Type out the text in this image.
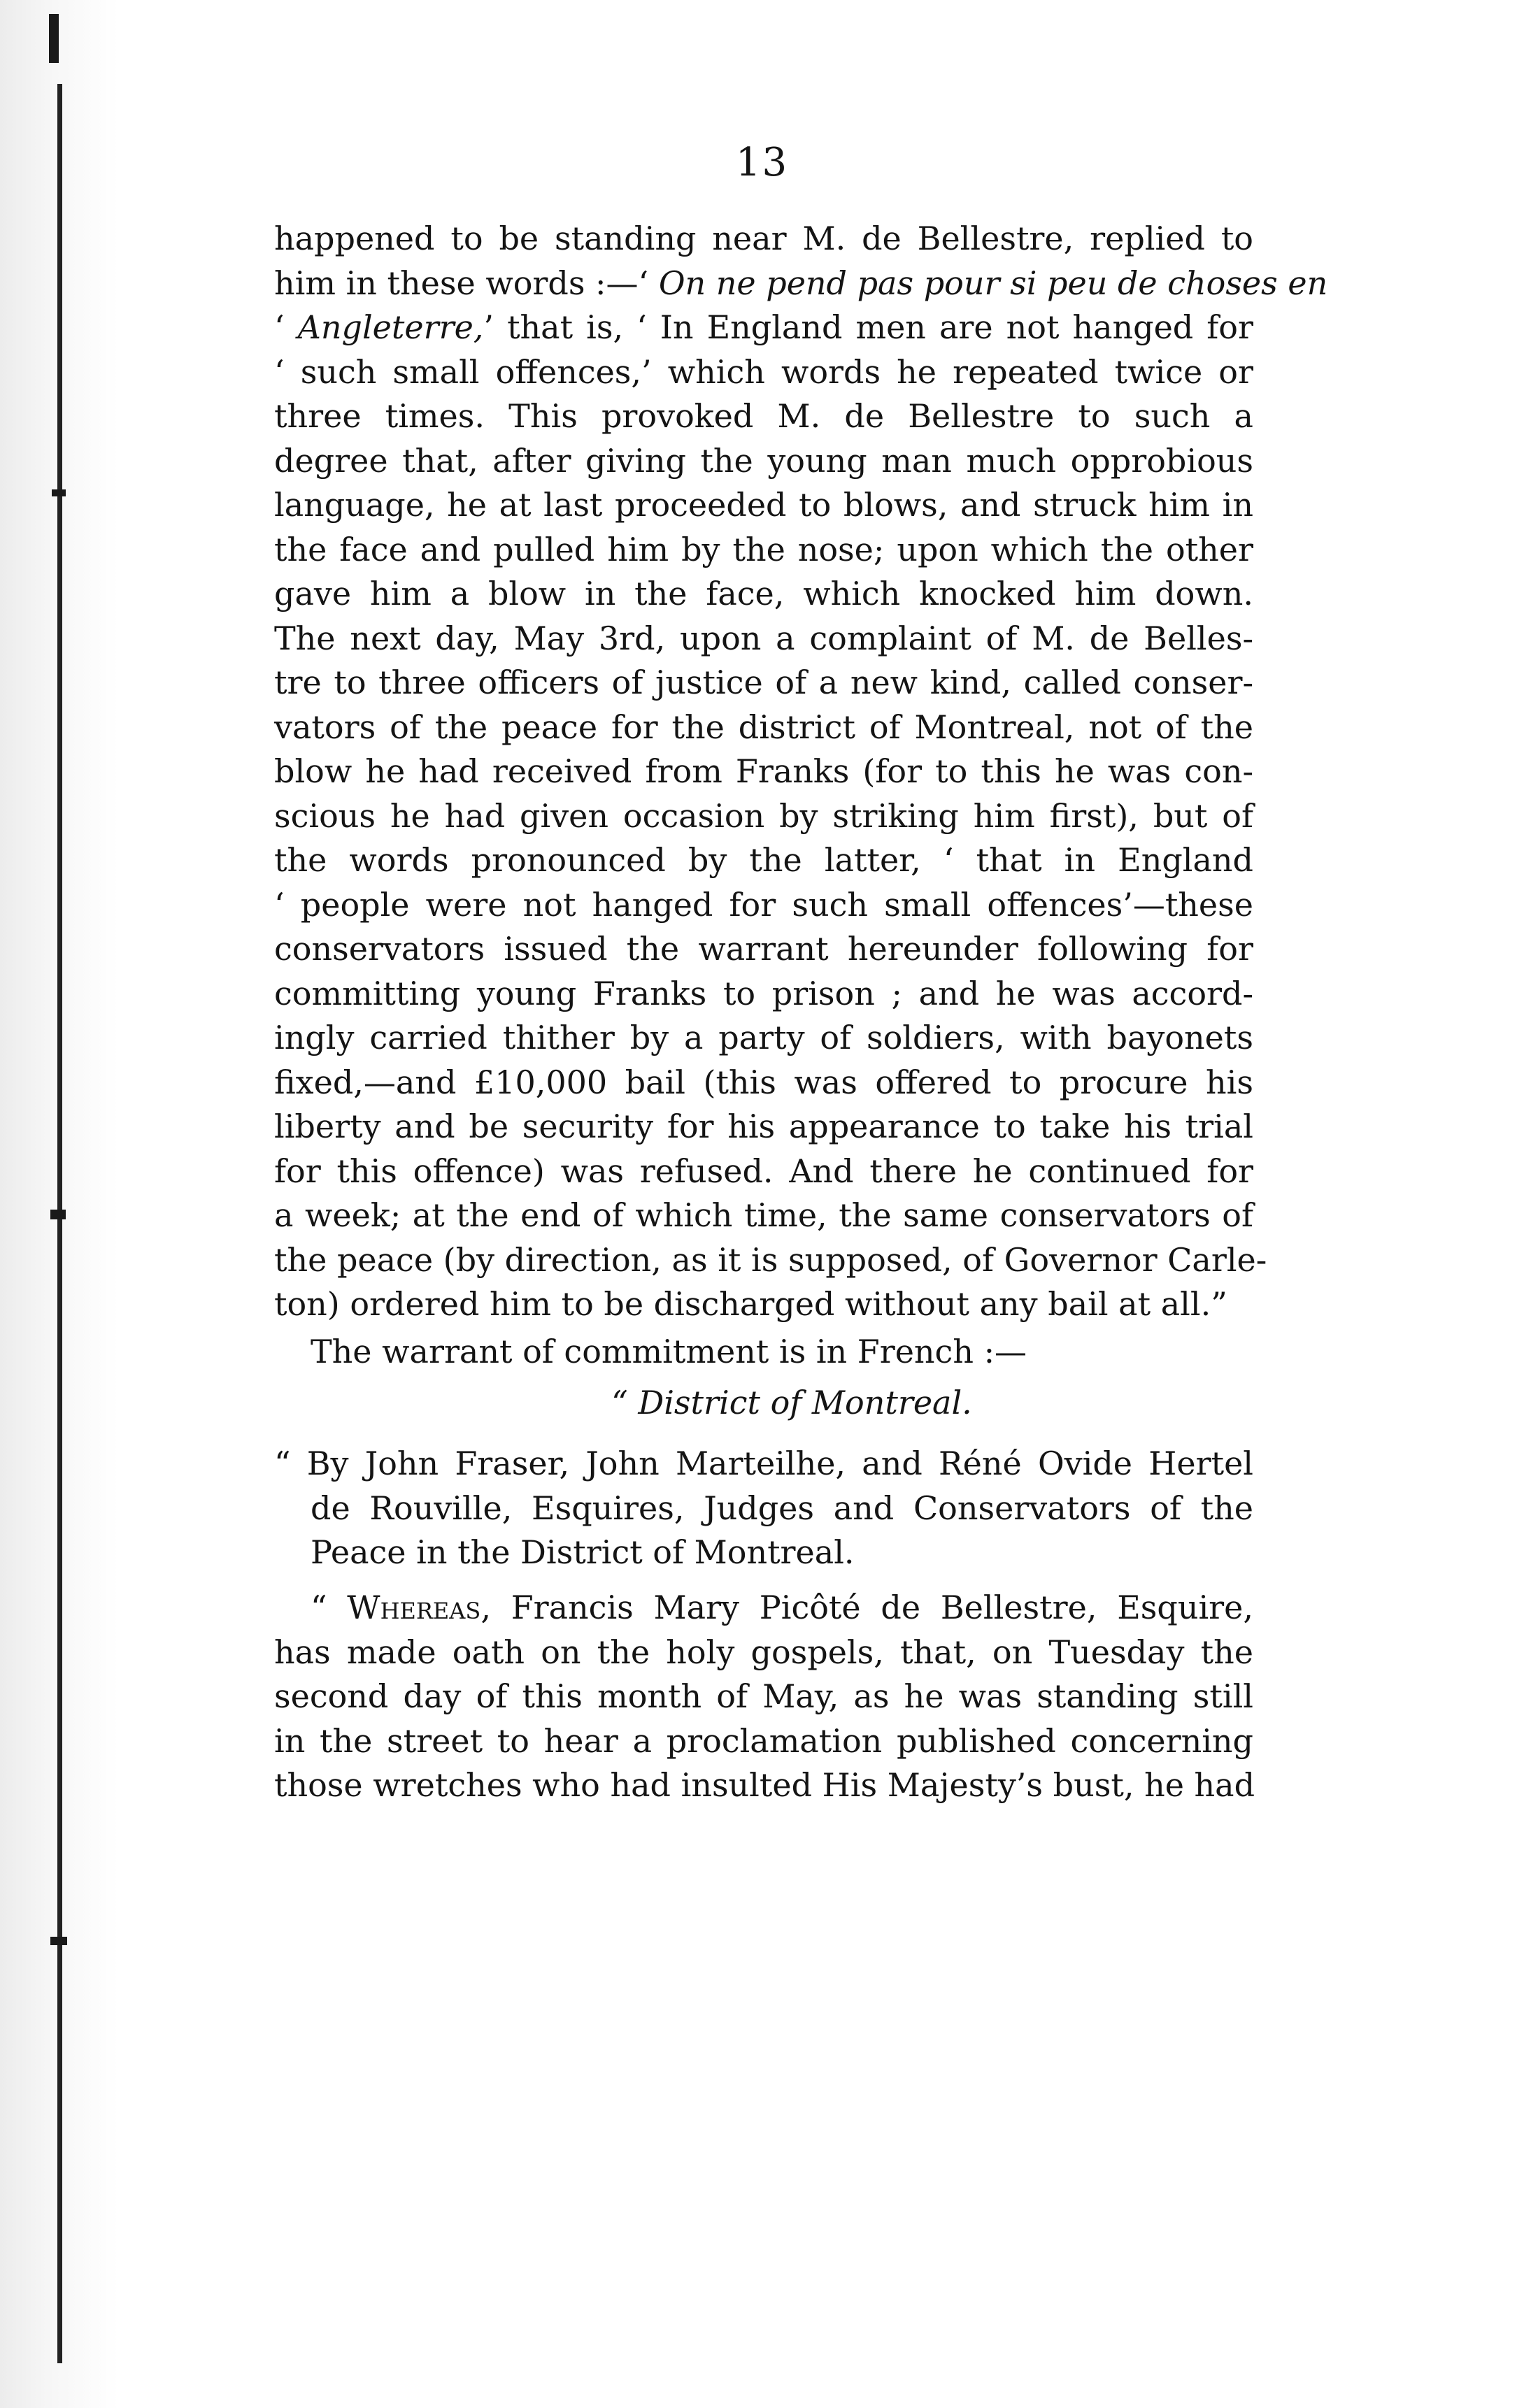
13
happened to be standing near M. de Bellestre, replied to
him in these words :—‘ On ne pend pas pour si peu de choses en
‘ Angleterre,’ that is, ‘ In England men are not hanged for
‘ such small offences,’ which words he repeated twice or
three times. This provoked M. de Bellestre to such a
degree that, after giving the young man much opprobious
language, he at last proceeded to blows, and struck him in
the face and pulled him by the nose; upon which the other
gave him a blow in the face, which knocked him down.
The next day, May 3rd, upon a complaint of M. de Belles-
tre to three officers of justice of a new kind, called conser-
vators of the peace for the district of Montreal, not of the
blow he had received from Franks (for to this he was con-
scious he had given occasion by striking him first), but of
the words pronounced by the latter, ‘ that in England
‘ people were not hanged for such small offences’—these
conservators issued the warrant hereunder following for
committing young Franks to prison ; and he was accord-
ingly carried thither by a party of soldiers, with bayonets
fixed,—and £10,000 bail (this was offered to procure his
liberty and be security for his appearance to take his trial
for this offence) was refused. And there he continued for
a week; at the end of which time, the same conservators of
the peace (by direction, as it is supposed, of Governor Carle-
ton) ordered him to be discharged without any bail at all.”
The warrant of commitment is in French :—
“ District of Montreal.
“ By John Fraser, John Marteilhe, and Réné Ovide Hertel
de Rouville, Esquires, Judges and Conservators of the
Peace in the District of Montreal.
“ Whereas, Francis Mary Picôté de Bellestre, Esquire,
has made oath on the holy gospels, that, on Tuesday the
second day of this month of May, as he was standing still
in the street to hear a proclamation published concerning
those wretches who had insulted His Majesty’s bust, he had
